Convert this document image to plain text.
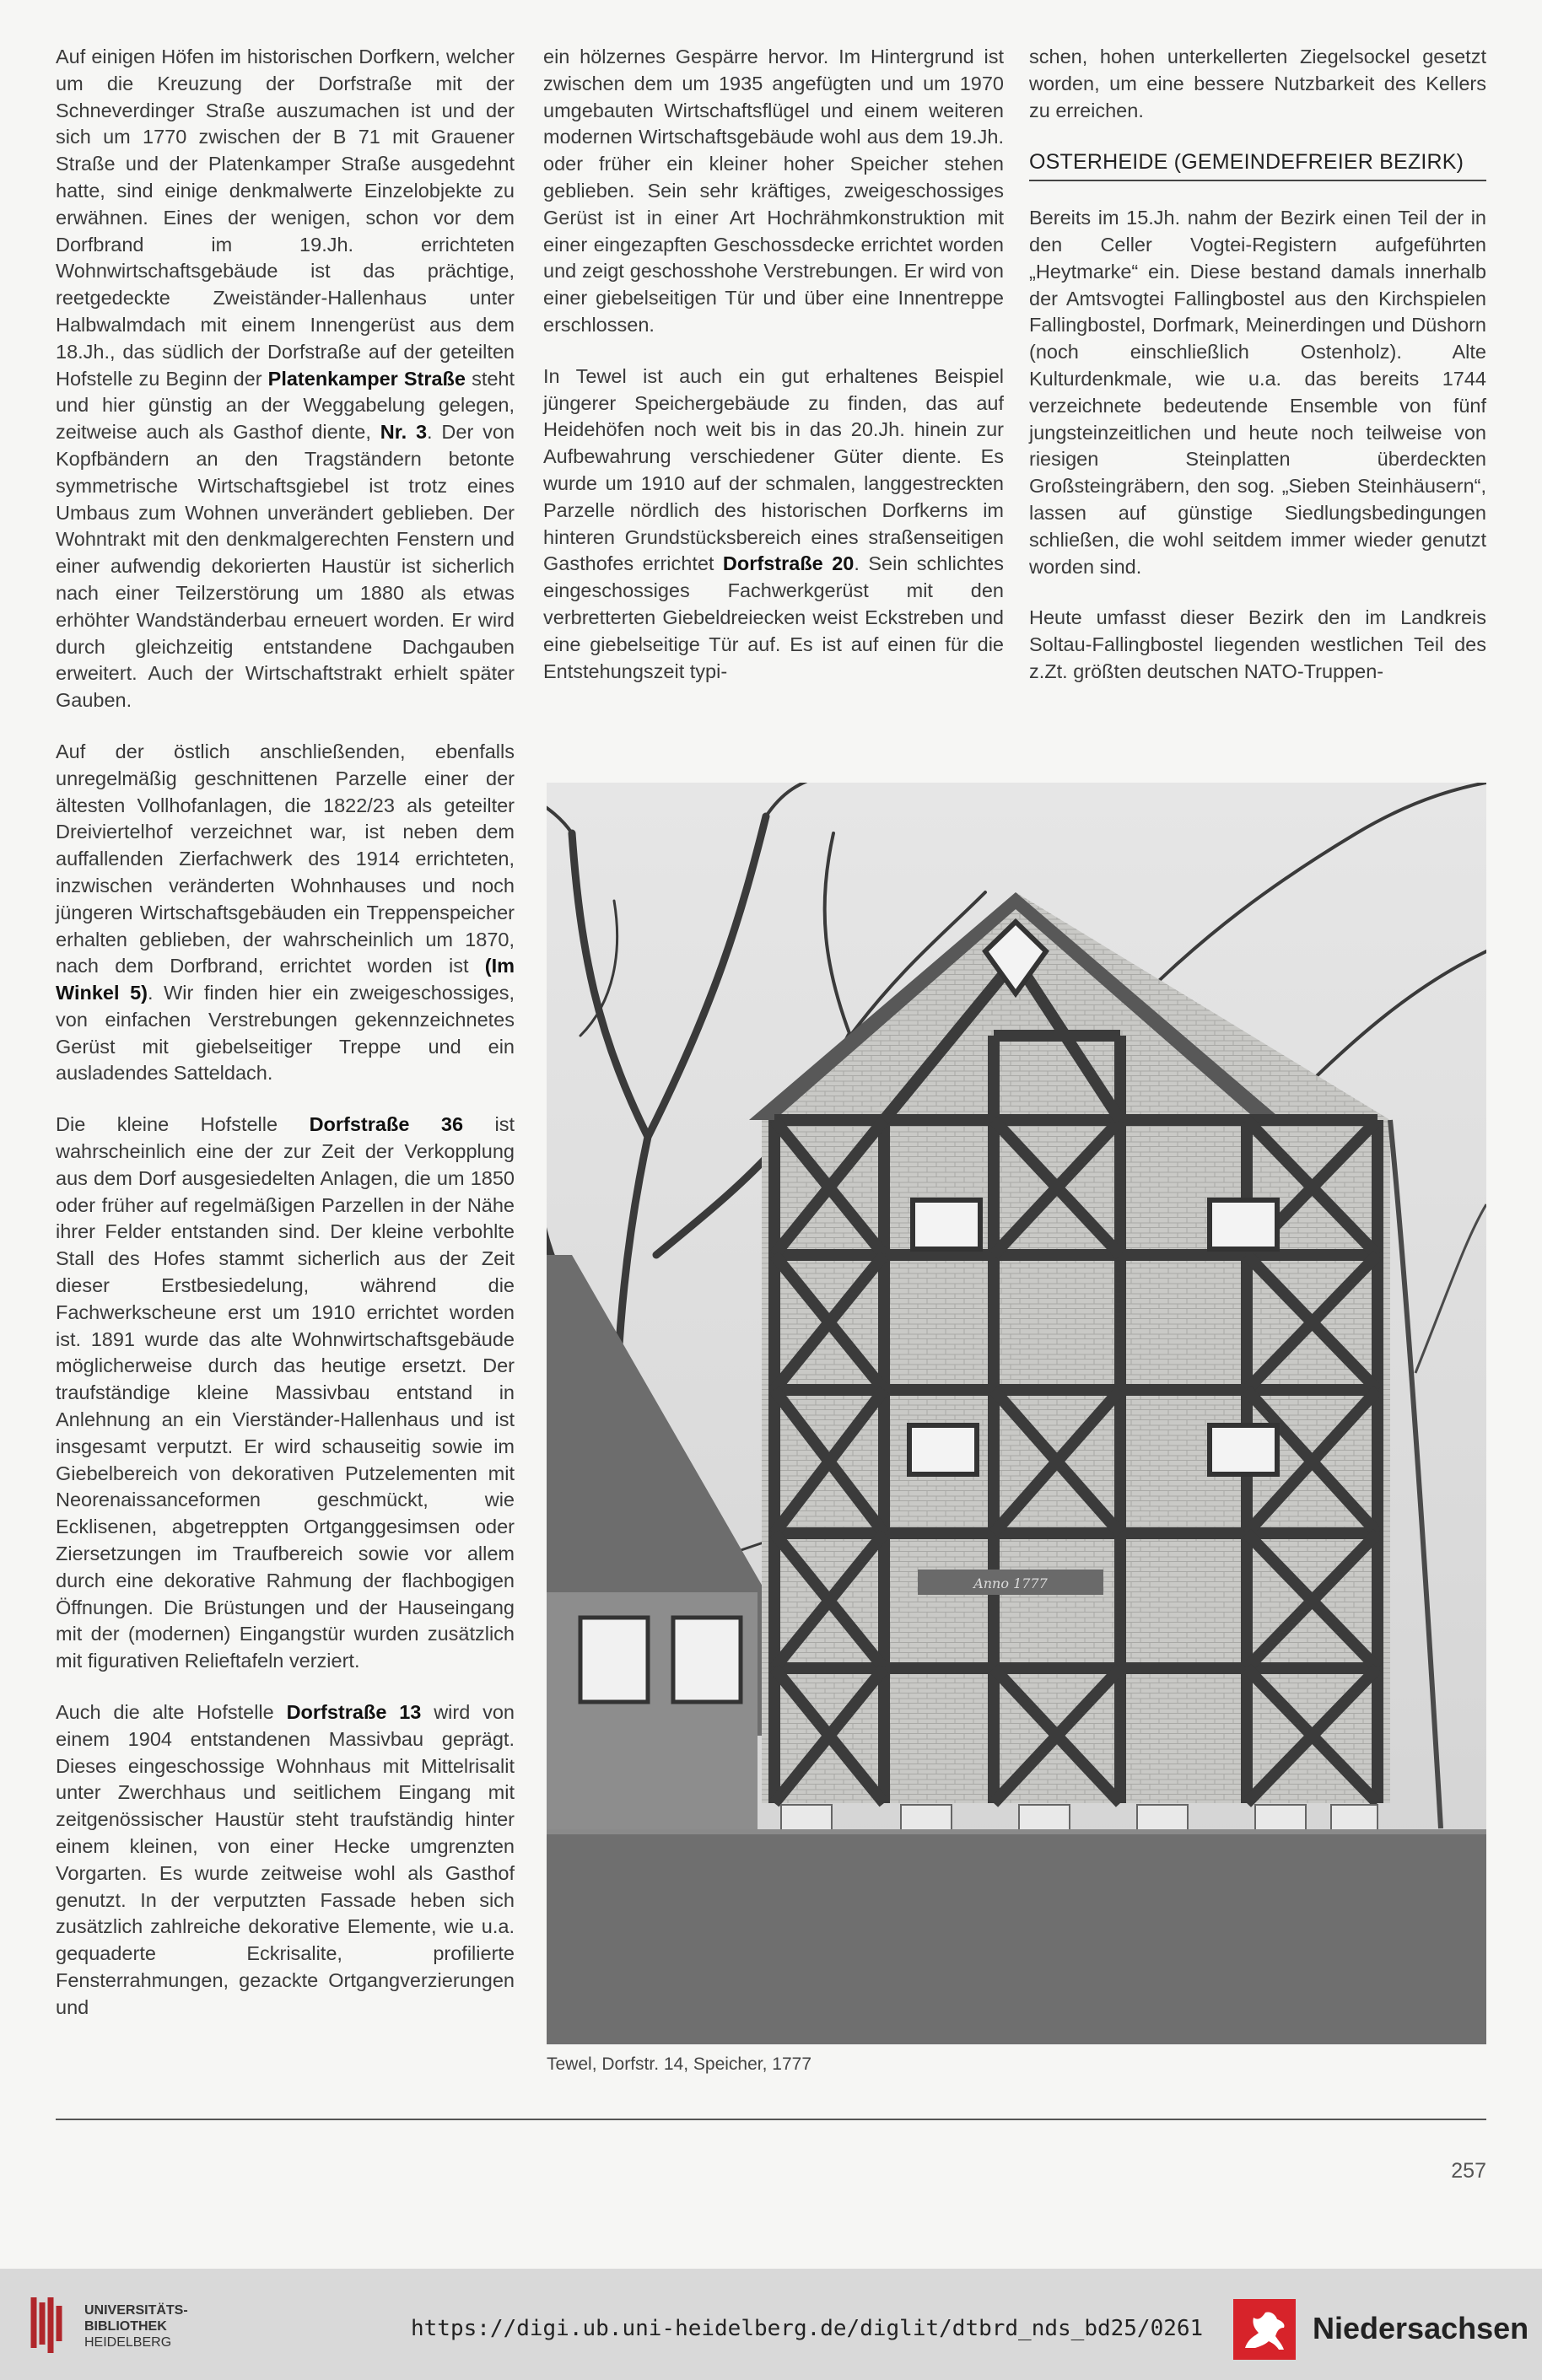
Auf einigen Höfen im historischen Dorfkern, welcher um die Kreuzung der Dorfstraße mit der Schneverdinger Straße auszumachen ist und der sich um 1770 zwischen der B 71 mit Grauener Straße und der Platenkamper Straße ausgedehnt hatte, sind einige denkmalwerte Einzelobjekte zu erwähnen. Eines der wenigen, schon vor dem Dorfbrand im 19.Jh. errichteten Wohnwirtschaftsgebäude ist das prächtige, reetgedeckte Zweiständer-Hallenhaus unter Halbwalmdach mit einem Innengerüst aus dem 18.Jh., das südlich der Dorfstraße auf der geteilten Hofstelle zu Beginn der Platenkamper Straße steht und hier günstig an der Weggabelung gelegen, zeitweise auch als Gasthof diente, Nr. 3. Der von Kopfbändern an den Tragständern betonte symmetrische Wirtschaftsgiebel ist trotz eines Umbaus zum Wohnen unverändert geblieben. Der Wohntrakt mit den denkmalgerechten Fenstern und einer aufwendig dekorierten Haustür ist sicherlich nach einer Teilzerstörung um 1880 als etwas erhöhter Wandständerbau erneuert worden. Er wird durch gleichzeitig entstandene Dachgauben erweitert. Auch der Wirtschaftstrakt erhielt später Gauben.

Auf der östlich anschließenden, ebenfalls unregelmäßig geschnittenen Parzelle einer der ältesten Vollhofanlagen, die 1822/23 als geteilter Dreiviertelhof verzeichnet war, ist neben dem auffallenden Zierfachwerk des 1914 errichteten, inzwischen veränderten Wohnhauses und noch jüngeren Wirtschaftsgebäuden ein Treppenspeicher erhalten geblieben, der wahrscheinlich um 1870, nach dem Dorfbrand, errichtet worden ist (Im Winkel 5). Wir finden hier ein zweigeschossiges, von einfachen Verstrebungen gekennzeichnetes Gerüst mit giebelseitiger Treppe und ein ausladendes Satteldach.

Die kleine Hofstelle Dorfstraße 36 ist wahrscheinlich eine der zur Zeit der Verkopplung aus dem Dorf ausgesiedelten Anlagen, die um 1850 oder früher auf regelmäßigen Parzellen in der Nähe ihrer Felder entstanden sind. Der kleine verbohlte Stall des Hofes stammt sicherlich aus der Zeit dieser Erstbesiedelung, während die Fachwerkscheune erst um 1910 errichtet worden ist. 1891 wurde das alte Wohnwirtschaftsgebäude möglicherweise durch das heutige ersetzt. Der traufständige kleine Massivbau entstand in Anlehnung an ein Vierständer-Hallenhaus und ist insgesamt verputzt. Er wird schauseitig sowie im Giebelbereich von dekorativen Putzelementen mit Neorenaissanceformen geschmückt, wie Ecklisenen, abgetreppten Ortganggesimsen oder Ziersetzungen im Traufbereich sowie vor allem durch eine dekorative Rahmung der flachbogigen Öffnungen. Die Brüstungen und der Hauseingang mit der (modernen) Eingangstür wurden zusätzlich mit figurativen Relieftafeln verziert.

Auch die alte Hofstelle Dorfstraße 13 wird von einem 1904 entstandenen Massivbau geprägt. Dieses eingeschossige Wohnhaus mit Mittelrisalit unter Zwerchhaus und seitlichem Eingang mit zeitgenössischer Haustür steht traufständig hinter einem kleinen, von einer Hecke umgrenzten Vorgarten. Es wurde zeitweise wohl als Gasthof genutzt. In der verputzten Fassade heben sich zusätzlich zahlreiche dekorative Elemente, wie u.a. gequaderte Eckrisalite, profilierte Fensterrahmungen, gezackte Ortgangverzierungen und

ein hölzernes Gespärre hervor. Im Hintergrund ist zwischen dem um 1935 angefügten und um 1970 umgebauten Wirtschaftsflügel und einem weiteren modernen Wirtschaftsgebäude wohl aus dem 19.Jh. oder früher ein kleiner hoher Speicher stehen geblieben. Sein sehr kräftiges, zweigeschossiges Gerüst ist in einer Art Hochrähmkonstruktion mit einer eingezapften Geschossdecke errichtet worden und zeigt geschosshohe Verstrebungen. Er wird von einer giebelseitigen Tür und über eine Innentreppe erschlossen.

In Tewel ist auch ein gut erhaltenes Beispiel jüngerer Speichergebäude zu finden, das auf Heidehöfen noch weit bis in das 20.Jh. hinein zur Aufbewahrung verschiedener Güter diente. Es wurde um 1910 auf der schmalen, langgestreckten Parzelle nördlich des historischen Dorfkerns im hinteren Grundstücksbereich eines straßenseitigen Gasthofes errichtet Dorfstraße 20. Sein schlichtes eingeschossiges Fachwerkgerüst mit den verbretterten Giebeldreiecken weist Eckstreben und eine giebelseitige Tür auf. Es ist auf einen für die Entstehungszeit typi-

schen, hohen unterkellerten Ziegelsockel gesetzt worden, um eine bessere Nutzbarkeit des Kellers zu erreichen.

OSTERHEIDE (GEMEINDEFREIER BEZIRK)

Bereits im 15.Jh. nahm der Bezirk einen Teil der in den Celler Vogtei-Registern aufgeführten „Heytmarke“ ein. Diese bestand damals innerhalb der Amtsvogtei Fallingbostel aus den Kirchspielen Fallingbostel, Dorfmark, Meinerdingen und Düshorn (noch einschließlich Ostenholz). Alte Kulturdenkmale, wie u.a. das bereits 1744 verzeichnete bedeutende Ensemble von fünf jungsteinzeitlichen und heute noch teilweise von riesigen Steinplatten überdeckten Großsteingräbern, den sog. „Sieben Steinhäusern“, lassen auf günstige Siedlungsbedingungen schließen, die wohl seitdem immer wieder genutzt worden sind.

Heute umfasst dieser Bezirk den im Landkreis Soltau-Fallingbostel liegenden westlichen Teil des z.Zt. größten deutschen NATO-Truppen-

Anno 1777
Tewel, Dorfstr. 14, Speicher, 1777
257
UNIVERSITÄTS-
BIBLIOTHEK
HEIDELBERG
https://digi.ub.uni-heidelberg.de/diglit/dtbrd_nds_bd25/0261	Niedersachsen
